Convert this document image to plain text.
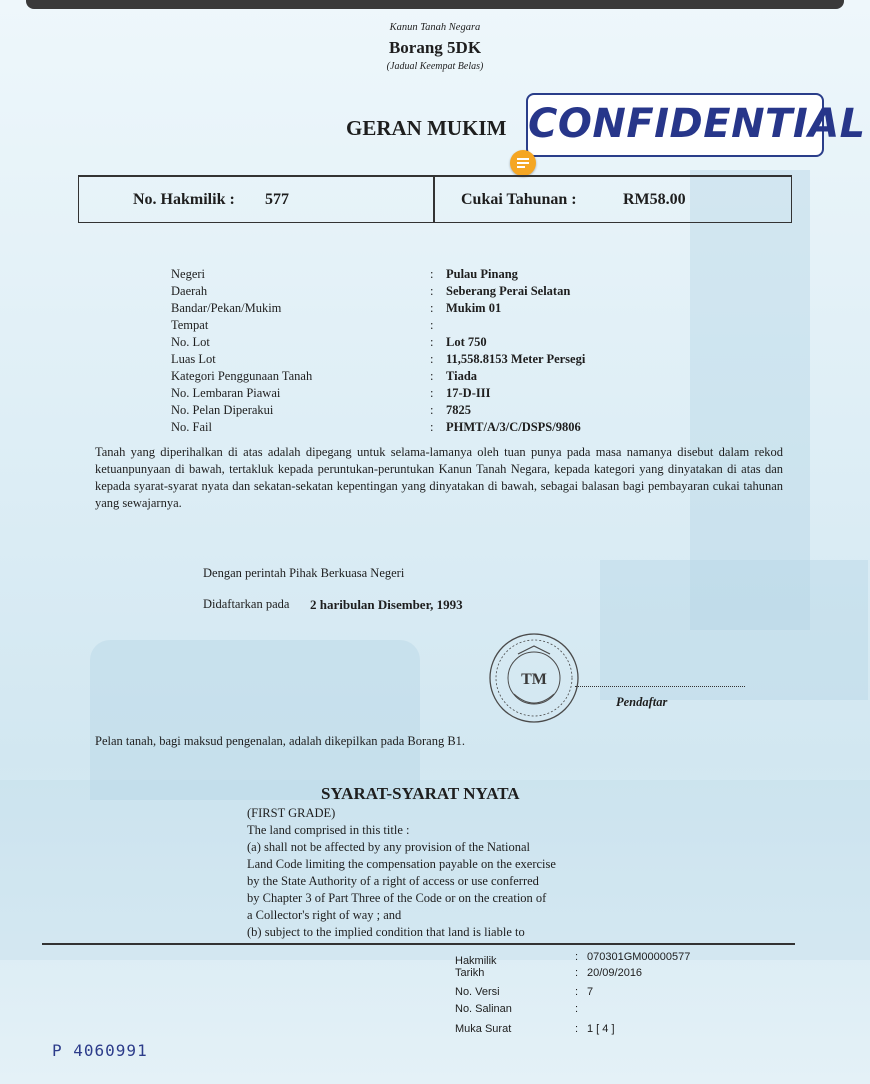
Kanun Tanah Negara
Borang 5DK
(Jadual Keempat Belas)
GERAN MUKIM CONFIDENTIAL
No. Hakmilik : 577	Cukai Tahunan :	RM58.00
Negeri	: Pulau Pinang
Daerah	: Seberang Perai Selatan
Bandar/Pekan/Mukim	: Mukim 01
Tempat	:
No. Lot	: Lot 750
Luas Lot	: 11,558.8153 Meter Persegi
Kategori Penggunaan Tanah	: Tiada
No. Lembaran Piawai	: 17-D-III
No. Pelan Diperakui	: 7825
No. Fail	: PHMT/A/3/C/DSPS/9806
Tanah yang diperihalkan di atas adalah dipegang untuk selama-lamanya oleh tuan punya pada masa namanya disebut dalam rekod ketuanpunyaan di bawah, tertakluk kepada peruntukan-peruntukan Kanun Tanah Negara, kepada kategori yang dinyatakan di atas dan kepada syarat-syarat nyata dan sekatan-sekatan kepentingan yang dinyatakan di bawah, sebagai balasan bagi pembayaran cukai tahunan yang sewajarnya.
Dengan perintah Pihak Berkuasa Negeri
Didaftarkan pada 2 haribulan Disember, 1993
TM
Pendaftar
Pelan tanah, bagi maksud pengenalan, adalah dikepilkan pada Borang B1.
SYARAT-SYARAT NYATA
(FIRST GRADE)
The land comprised in this title :
(a) shall not be affected by any provision of the National
Land Code limiting the compensation payable on the exercise
by the State Authority of a right of access or use conferred
by Chapter 3 of Part Three of the Code or on the creation of
a Collector's right of way ; and
(b) subject to the implied condition that land is liable to
Hakmilik	: 070301GM00000577
Tarikh	: 20/09/2016
No. Versi	: 7
No. Salinan	:
Muka Surat	: 1 [ 4 ]
P 4060991
